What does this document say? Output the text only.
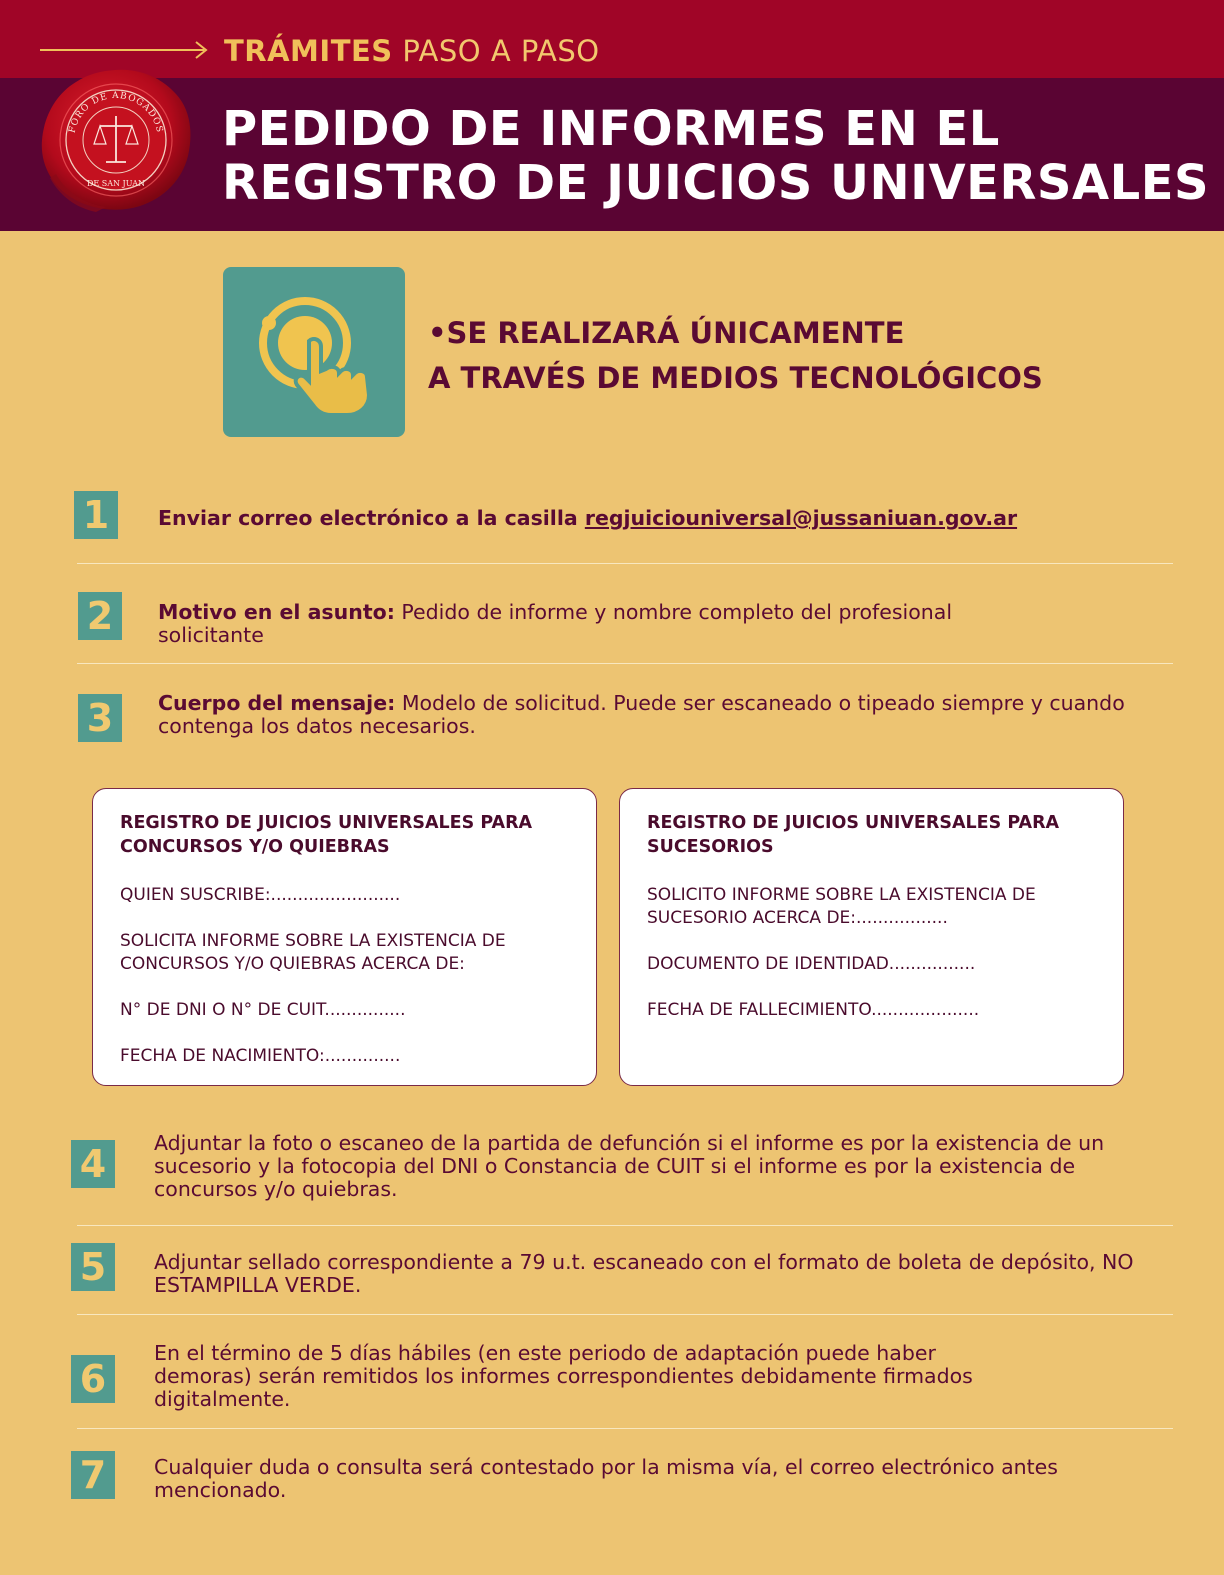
TRÁMITES PASO A PASO
PEDIDO DE INFORMES EN EL
REGISTRO DE JUICIOS UNIVERSALES
FORO DE ABOGADOS
DE SAN JUAN
•SE REALIZARÁ ÚNICAMENTE
A TRAVÉS DE MEDIOS TECNOLÓGICOS
1	Enviar correo electrónico a la casilla regjuiciouniversal@jussaniuan.gov.ar
2	Motivo en el asunto: Pedido de informe y nombre completo del profesional solicitante
3	Cuerpo del mensaje: Modelo de solicitud. Puede ser escaneado o tipeado siempre y cuando contenga los datos necesarios.
REGISTRO DE JUICIOS UNIVERSALES PARA CONCURSOS Y/O QUIEBRAS
QUIEN SUSCRIBE:........................
SOLICITA INFORME SOBRE LA EXISTENCIA DE
CONCURSOS Y/O QUIEBRAS ACERCA DE:
N° DE DNI O N° DE CUIT...............
FECHA DE NACIMIENTO:..............
REGISTRO DE JUICIOS UNIVERSALES PARA SUCESORIOS
SOLICITO INFORME SOBRE LA EXISTENCIA DE
SUCESORIO ACERCA DE:.................
DOCUMENTO DE IDENTIDAD................
FECHA DE FALLECIMIENTO....................
4	Adjuntar la foto o escaneo de la partida de defunción si el informe es por la existencia de un sucesorio y la fotocopia del DNI o Constancia de CUIT si el informe es por la existencia de concursos y/o quiebras.
5	Adjuntar sellado correspondiente a 79 u.t. escaneado con el formato de boleta de depósito, NO ESTAMPILLA VERDE.
6
En el término de 5 días hábiles (en este periodo de adaptación puede haber demoras) serán remitidos los informes correspondientes debidamente firmados digitalmente.
7	Cualquier duda o consulta será contestado por la misma vía, el correo electrónico antes mencionado.
